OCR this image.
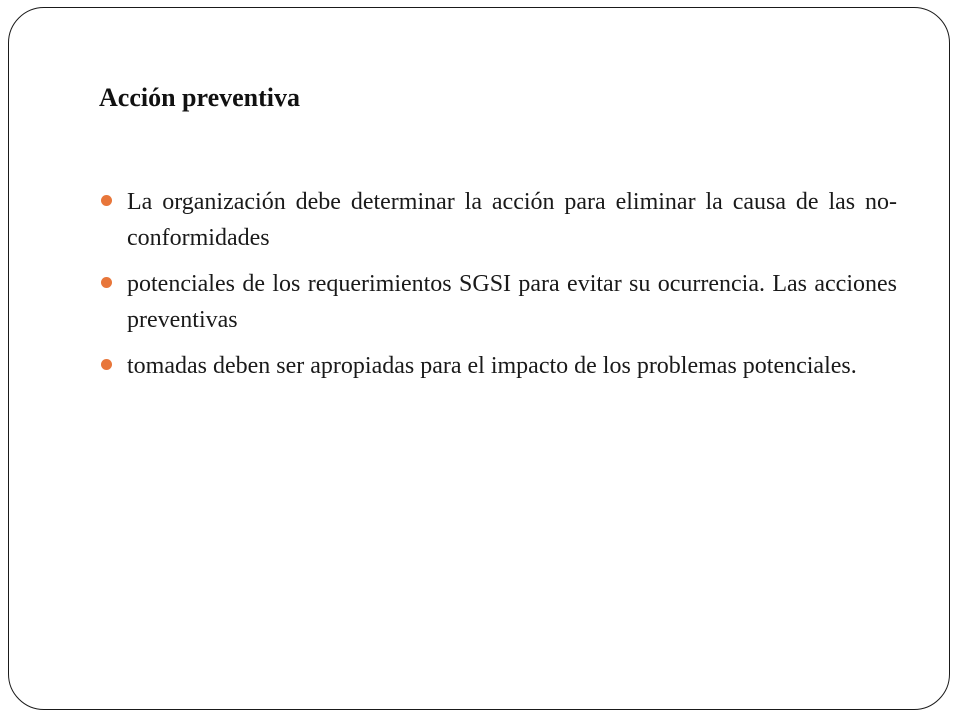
Acción preventiva
La organización debe determinar la acción para eliminar la causa de las no-conformidades
potenciales de los requerimientos SGSI para evitar su ocurrencia. Las acciones preventivas
tomadas deben ser apropiadas para el impacto de los problemas potenciales.
